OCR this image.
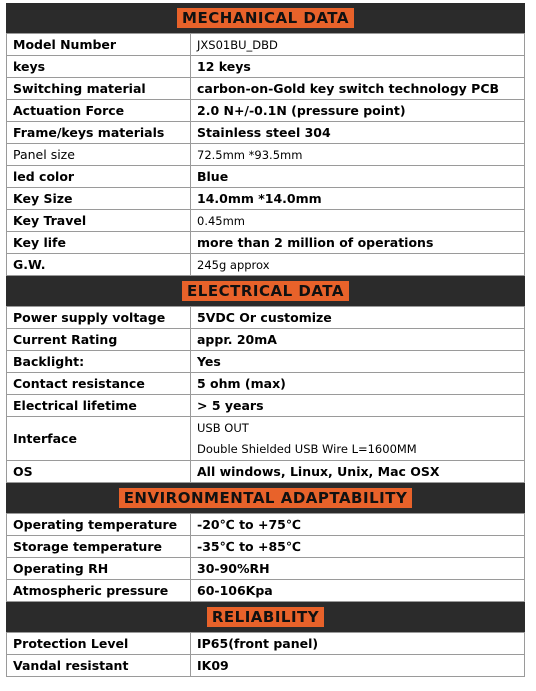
MECHANICAL DATA
Model Number	JXS01BU_DBD
keys	12 keys
Switching material	carbon-on-Gold key switch technology PCB
Actuation Force	2.0 N+/-0.1N (pressure point)
Frame/keys materials	Stainless steel 304
Panel size	72.5mm *93.5mm
led color	Blue
Key Size	14.0mm *14.0mm
Key Travel	0.45mm
Key life	more than 2 million of operations
G.W.	245g approx
ELECTRICAL DATA
Power supply voltage	5VDC Or customize
Current Rating	appr. 20mA
Backlight:	Yes
Contact resistance	5 ohm (max)
Electrical lifetime	> 5 years
Interface	USB OUT
Double Shielded USB Wire L=1600MM

OS	All windows, Linux, Unix, Mac OSX
ENVIRONMENTAL ADAPTABILITY
Operating temperature	-20℃ to +75℃
Storage temperature	-35℃ to +85℃
Operating RH	30-90%RH
Atmospheric pressure	60-106Kpa
RELIABILITY
Protection Level	IP65(front panel)
Vandal resistant	IK09
